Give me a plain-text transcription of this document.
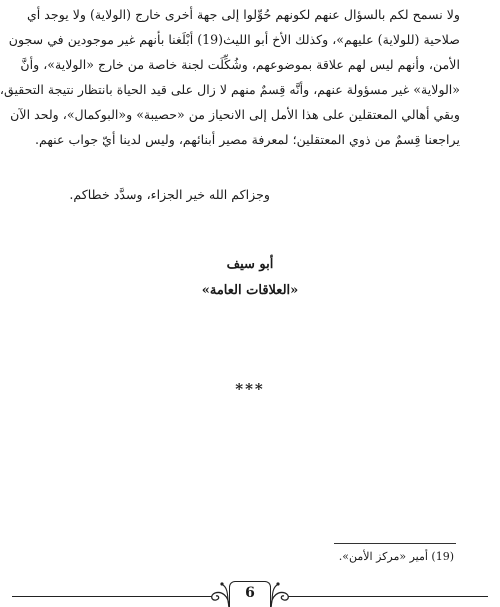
ولا نسمح لكم بالسؤال عنهم لكونهم حُوِّلوا إلى جهة أخرى خارج (الولاية) ولا يوجد أي
صلاحية (للولاية) عليهم»، وكذلك الأخ أبو الليث(19) أبْلَغنا بأنهم غير موجودين في سجون
الأمن، وأنهم ليس لهم علاقة بموضوعهم، وشُكِّلَت لجنة خاصة من خارج «الولاية»، وأنَّ
«الولاية» غير مسؤولة عنهم، وأنَّه قِسمٌ منهم لا زال على قيد الحياة بانتظار نتيجة التحقيق،
وبقي أهالي المعتقلين على هذا الأمل إلى الانحياز من «حصيبة» و«البوكمال»، ولحد الآن
يراجعنا قِسمٌ من ذوي المعتقلين؛ لمعرفة مصير أبنائهم، وليس لدينا أيّ جواب عنهم.
وجزاكم الله خير الجزاء، وسدَّد خطاكم.
أبو سيف
«العلاقات العامة»
***
(19) أمير «مركز الأمن».
6
